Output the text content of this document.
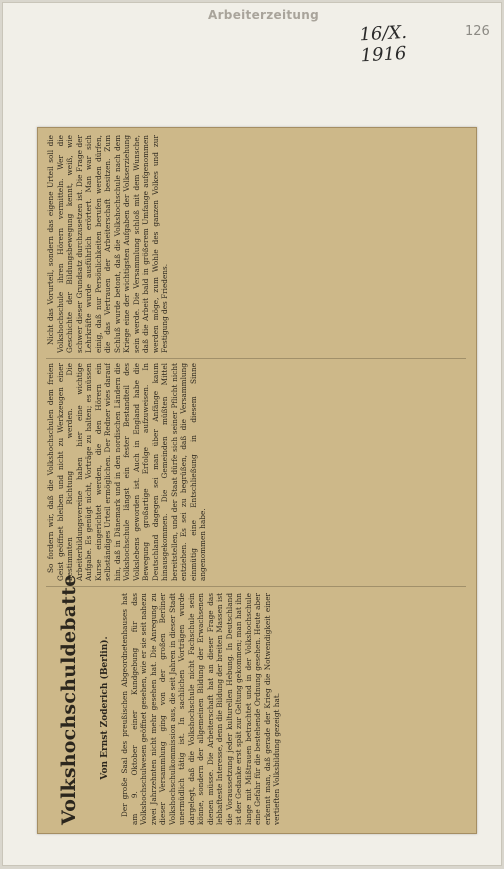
Arbeiterzeitung
16/X. 1916
126
Volkshochschuldebatte	Von Ernst Zoderich (Berlin).	Der große Saal des preußischen Abgeordnetenhauses hat am 9. Oktober einer Kundgebung für das Volkshochschulwesen geöffnet gesehen, wie er sie seit nahezu zwei Jahrzehnten nicht mehr gesehen hat. Die Anregung zu dieser Versammlung ging von der großen Berliner Volkshochschulkommission aus, die seit Jahren in dieser Stadt unermüdlich tätig ist. In sachlichen Vorträgen wurde dargelegt, daß die Volkshochschule nicht Fachschule sein könne, sondern der allgemeinen Bildung der Erwachsenen dienen müsse. Die Arbeiterschaft hat an dieser Frage das lebhafteste Interesse, denn die Bildung der breiten Massen ist die Voraussetzung jeder kulturellen Hebung. In Deutschland ist der Gedanke erst spät zur Geltung gekommen; man hat ihn lange mit Mißtrauen betrachtet und in der Volkshochschule eine Gefahr für die bestehende Ordnung gesehen. Heute aber erkennt man, daß gerade der Krieg die Notwendigkeit einer vertieften Volksbildung gezeigt hat.

So fordern wir, daß die Volkshochschulen dem freien Geist geöffnet bleiben und nicht zu Werkzeugen einer bestimmten Richtung werden. Die Arbeiterbildungsvereine haben hier eine wichtige Aufgabe. Es genügt nicht, Vorträge zu halten; es müssen Kurse eingerichtet werden, die den Hörern ein selbständiges Urteil ermöglichen. Der Redner wies darauf hin, daß in Dänemark und in den nordischen Ländern die Volkshochschule längst ein fester Bestandteil des Volkslebens geworden ist. Auch in England habe die Bewegung großartige Erfolge aufzuweisen. In Deutschland dagegen sei man über Anfänge kaum hinausgekommen. Die Gemeinden müßten Mittel bereitstellen, und der Staat dürfe sich seiner Pflicht nicht entziehen. Es sei zu begrüßen, daß die Versammlung einmütig eine Entschließung in diesem Sinne angenommen habe.

Nicht das Vorurteil, sondern das eigene Urteil soll die Volkshochschule ihren Hörern vermitteln. Wer die Geschichte der Bildungsbewegung kennt, weiß, wie schwer dieser Grundsatz durchzusetzen ist. Die Frage der Lehrkräfte wurde ausführlich erörtert. Man war sich einig, daß nur Persönlichkeiten berufen werden dürfen, die das Vertrauen der Arbeiterschaft besitzen. Zum Schluß wurde betont, daß die Volkshochschule nach dem Kriege eine der wichtigsten Aufgaben der Volkserziehung sein werde. Die Versammlung schloß mit dem Wunsche, daß die Arbeit bald in größerem Umfange aufgenommen werden möge, zum Wohle des ganzen Volkes und zur Festigung des Friedens.
